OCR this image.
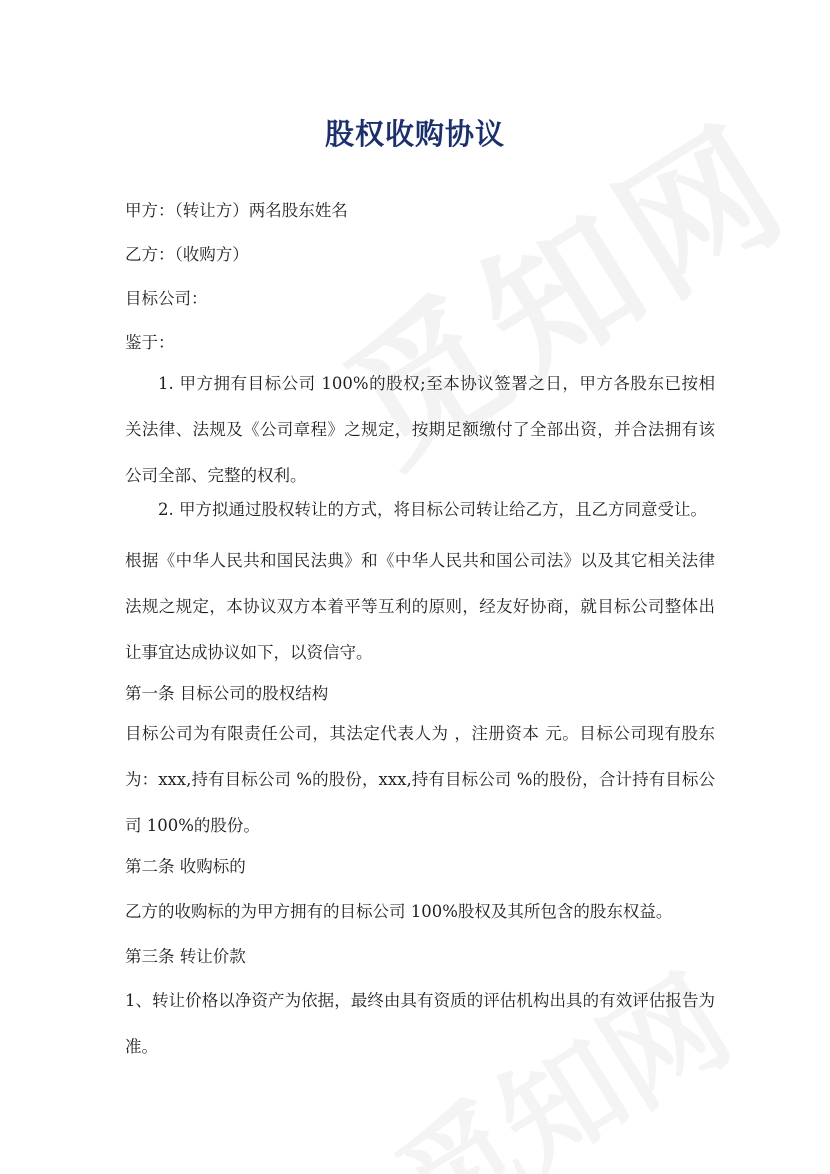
股权收购协议
甲方：（转让方）两名股东姓名
乙方：（收购方）
目标公司：
鉴于：
1. 甲方拥有目标公司 100%的股权;至本协议签署之日，甲方各股东已按相关法律、法规及《公司章程》之规定，按期足额缴付了全部出资，并合法拥有该公司全部、完整的权利。
2. 甲方拟通过股权转让的方式，将目标公司转让给乙方，且乙方同意受让。
根据《中华人民共和国民法典》和《中华人民共和国公司法》以及其它相关法律法规之规定，本协议双方本着平等互利的原则，经友好协商，就目标公司整体出让事宜达成协议如下，以资信守。
第一条 目标公司的股权结构
目标公司为有限责任公司，其法定代表人为 ，注册资本 元。目标公司现有股东为：xxx,持有目标公司 %的股份，xxx,持有目标公司 %的股份，合计持有目标公司 100%的股份。
第二条 收购标的
乙方的收购标的为甲方拥有的目标公司 100%股权及其所包含的股东权益。
第三条 转让价款
1、转让价格以净资产为依据，最终由具有资质的评估机构出具的有效评估报告为准。
